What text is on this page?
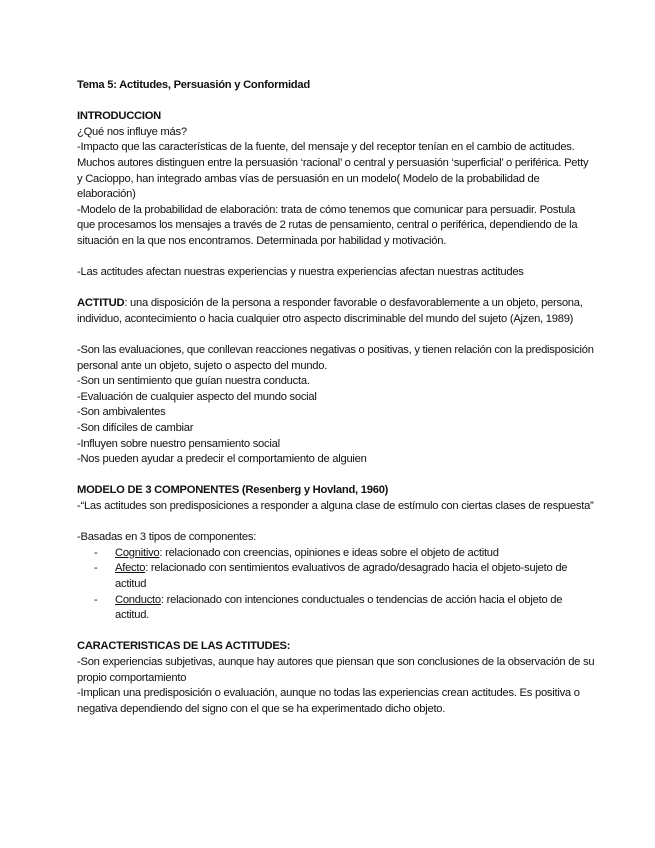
Tema 5: Actitudes, Persuasión y Conformidad

INTRODUCCION

¿Qué nos influye más?

-Impacto que las características de la fuente, del mensaje y del receptor tenían en el cambio de actitudes. Muchos autores distinguen entre la persuasión ‘racional’ o central y persuasión ‘superficial’ o periférica. Petty y Cacioppo, han integrado ambas vías de persuasión en un modelo( Modelo de la probabilidad de elaboración)

-Modelo de la probabilidad de elaboración: trata de cómo tenemos que comunicar para persuadir. Postula que procesamos los mensajes a través de 2 rutas de pensamiento, central o periférica, dependiendo de la situación en la que nos encontramos. Determinada por habilidad y motivación.

-Las actitudes afectan nuestras experiencias y nuestra experiencias afectan nuestras actitudes

ACTITUD: una disposición de la persona a responder favorable o desfavorablemente a un objeto, persona, individuo, acontecimiento o hacia cualquier otro aspecto discriminable del mundo del sujeto (Ajzen, 1989)

-Son las evaluaciones, que conllevan reacciones negativas o positivas, y tienen relación con la predisposición personal ante un objeto, sujeto o aspecto del mundo.

-Son un sentimiento que guían nuestra conducta.

-Evaluación de cualquier aspecto del mundo social

-Son ambivalentes

-Son difíciles de cambiar

-Influyen sobre nuestro pensamiento social

-Nos pueden ayudar a predecir el comportamiento de alguien

MODELO DE 3 COMPONENTES (Resenberg y Hovland, 1960)

-“Las actitudes son predisposiciones a responder a alguna clase de estímulo con ciertas clases de respuesta”

-Basadas en 3 tipos de componentes:

- Cognitivo: relacionado con creencias, opiniones e ideas sobre el objeto de actitud

- Afecto: relacionado con sentimientos evaluativos de agrado/desagrado hacia el objeto-sujeto de actitud

- Conducto: relacionado con intenciones conductuales o tendencias de acción hacia el objeto de actitud.

CARACTERISTICAS DE LAS ACTITUDES:

-Son experiencias subjetivas, aunque hay autores que piensan que son conclusiones de la observación de su propio comportamiento

-Implican una predisposición o evaluación, aunque no todas las experiencias crean actitudes. Es positiva o negativa dependiendo del signo con el que se ha experimentado dicho objeto.
